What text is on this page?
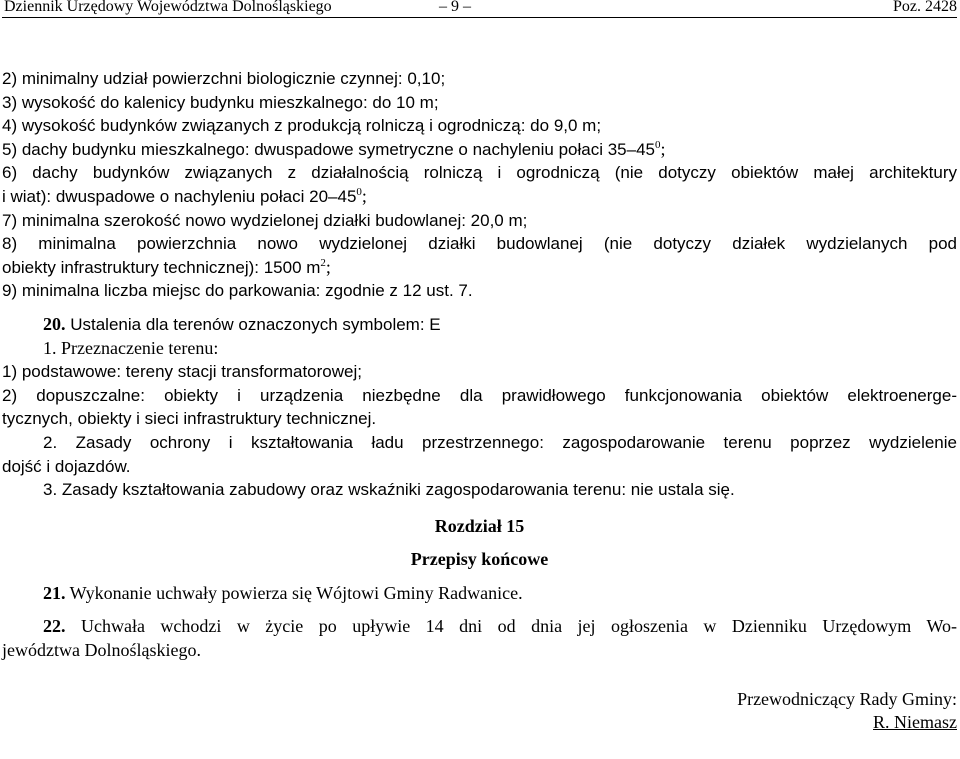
Dziennik Urzędowy Województwa Dolnośląskiego	– 9 –	Poz. 2428

2) minimalny udział powierzchni biologicznie czynnej: 0,10;

3) wysokość do kalenicy budynku mieszkalnego: do 10 m;

4) wysokość budynków związanych z produkcją rolniczą i ogrodniczą: do 9,0 m;

5) dachy budynku mieszkalnego: dwuspadowe symetryczne o nachyleniu połaci $35-45^0$;

6) dachy budynków związanych z działalnością rolniczą i ogrodniczą (nie dotyczy obiektów małej architektury

i wiat): dwuspadowe o nachyleniu połaci $20-45^0$;

7) minimalna szerokość nowo wydzielonej działki budowlanej: 20,0 m;

8) minimalna powierzchnia nowo wydzielonej działki budowlanej (nie dotyczy działek wydzielanych pod

obiekty infrastruktury technicznej): 1500 $m^2$;

9) minimalna liczba miejsc do parkowania: zgodnie z 12 ust. 7.

20. Ustalenia dla terenów oznaczonych symbolem: E

1. Przeznaczenie terenu:

1) podstawowe: tereny stacji transformatorowej;

2) dopuszczalne: obiekty i urządzenia niezbędne dla prawidłowego funkcjonowania obiektów elektroenerge-

tycznych, obiekty i sieci infrastruktury technicznej.

2. Zasady ochrony i kształtowania ładu przestrzennego: zagospodarowanie terenu poprzez wydzielenie

dojść i dojazdów.

3. Zasady kształtowania zabudowy oraz wskaźniki zagospodarowania terenu: nie ustala się.

Rozdział 15

Przepisy końcowe

21. Wykonanie uchwały powierza się Wójtowi Gminy Radwanice.

22. Uchwała wchodzi w życie po upływie 14 dni od dnia jej ogłoszenia w Dzienniku Urzędowym Wo-

jewództwa Dolnośląskiego.

Przewodniczący Rady Gminy:

R. Niemasz
